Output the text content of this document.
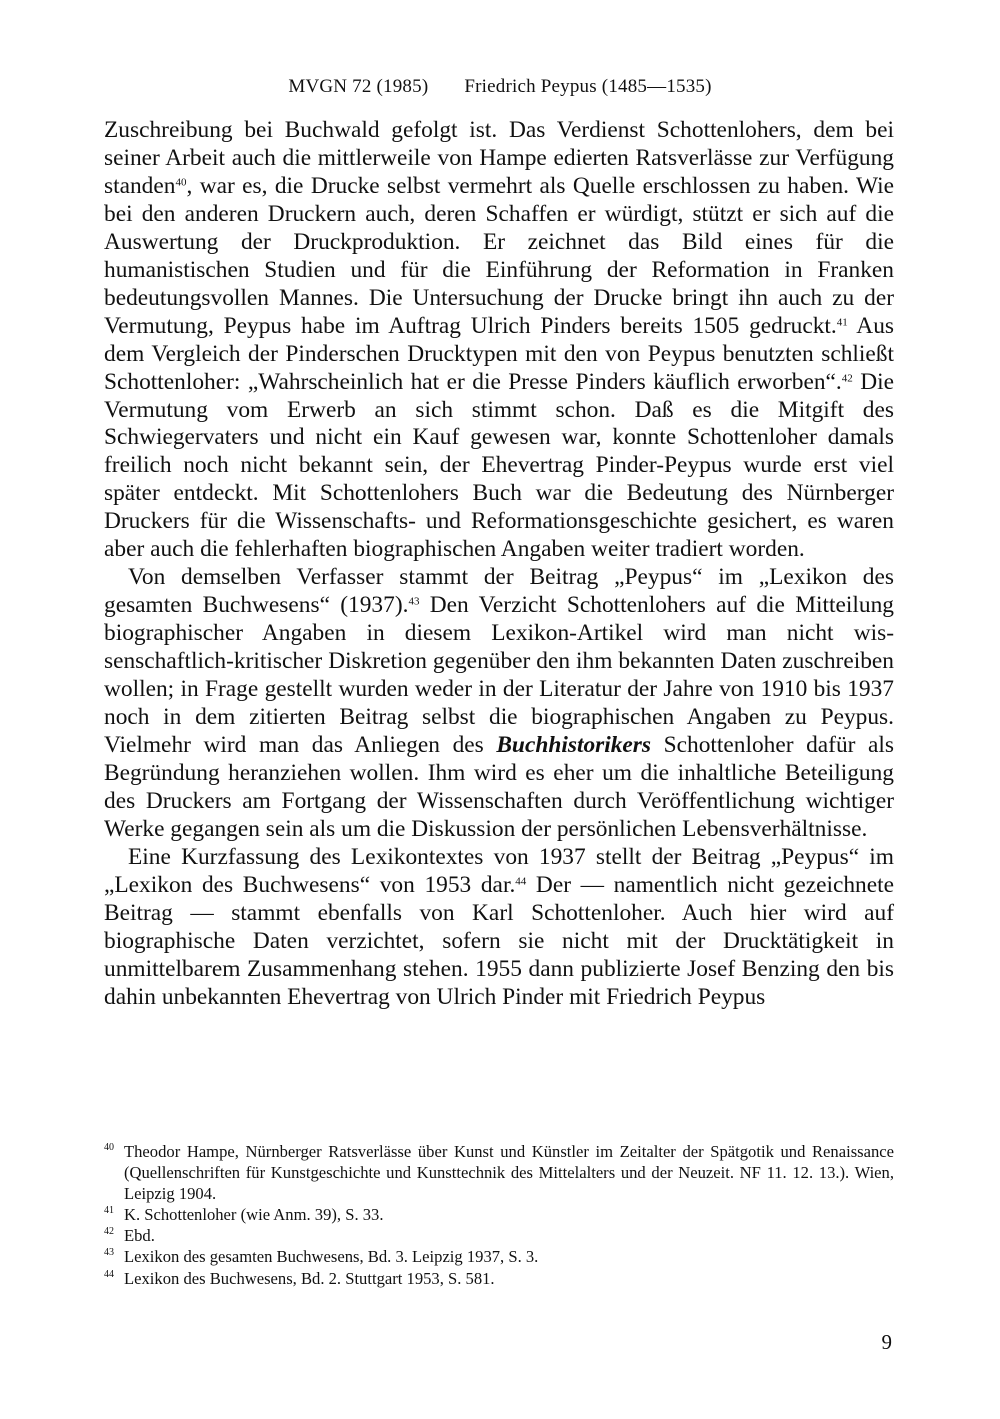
MVGN 72 (1985) Friedrich Peypus (1485—1535)

Zuschreibung bei Buchwald gefolgt ist. Das Verdienst Schottenlohers, dem bei seiner Arbeit auch die mittlerweile von Hampe edierten Ratsverlässe zur Verfügung standen$^{40}$, war es, die Drucke selbst vermehrt als Quelle erschlossen zu haben. Wie bei den anderen Druckern auch, deren Schaffen er würdigt, stützt er sich auf die Auswertung der Druckproduktion. Er zeichnet das Bild eines für die humanistischen Studien und für die Einführung der Reformation in Franken bedeutungsvollen Mannes. Die Untersuchung der Drucke bringt ihn auch zu der Vermutung, Peypus habe im Auftrag Ulrich Pinders bereits 1505 gedruckt.$^{41}$ Aus dem Vergleich der Pinderschen Drucktypen mit den von Peypus benutzten schließt Schottenloher: „Wahrscheinlich hat er die Presse Pinders käuflich erworben“.$^{42}$ Die Vermutung vom Erwerb an sich stimmt schon. Daß es die Mitgift des Schwiegervaters und nicht ein Kauf gewesen war, konnte Schottenloher damals freilich noch nicht bekannt sein, der Ehevertrag Pinder-Peypus wurde erst viel später entdeckt. Mit Schottenlohers Buch war die Bedeutung des Nürnberger Druckers für die Wissenschafts- und Reformationsgeschichte gesichert, es waren aber auch die fehlerhaften biographischen Angaben weiter tradiert worden.

Von demselben Verfasser stammt der Beitrag „Peypus“ im „Lexikon des gesamten Buchwesens“ (1937).$^{43}$ Den Verzicht Schottenlohers auf die Mitteilung biographischer Angaben in diesem Lexikon-Artikel wird man nicht wissenschaftlich-kritischer Diskretion gegenüber den ihm bekannten Daten zuschreiben wollen; in Frage gestellt wurden weder in der Literatur der Jahre von 1910 bis 1937 noch in dem zitierten Beitrag selbst die biographischen Angaben zu Peypus. Vielmehr wird man das Anliegen des Buchhistorikers Schottenloher dafür als Begründung heranziehen wollen. Ihm wird es eher um die inhaltliche Beteiligung des Druckers am Fortgang der Wissenschaften durch Veröffentlichung wichtiger Werke gegangen sein als um die Diskussion der persönlichen Lebensverhältnisse.

Eine Kurzfassung des Lexikontextes von 1937 stellt der Beitrag „Peypus“ im „Lexikon des Buchwesens“ von 1953 dar.$^{44}$ Der — namentlich nicht gezeichnete Beitrag — stammt ebenfalls von Karl Schottenloher. Auch hier wird auf biographische Daten verzichtet, sofern sie nicht mit der Drucktätigkeit in unmittelbarem Zusammenhang stehen. 1955 dann publizierte Josef Benzing den bis dahin unbekannten Ehevertrag von Ulrich Pinder mit Friedrich Peypus

40 Theodor Hampe, Nürnberger Ratsverlässe über Kunst und Künstler im Zeitalter der Spätgotik und Renaissance (Quellenschriften für Kunstgeschichte und Kunsttechnik des Mittelalters und der Neuzeit. NF 11. 12. 13.). Wien, Leipzig 1904.
41 K. Schottenloher (wie Anm. 39), S. 33.
42 Ebd.
43 Lexikon des gesamten Buchwesens, Bd. 3. Leipzig 1937, S. 3.
44 Lexikon des Buchwesens, Bd. 2. Stuttgart 1953, S. 581.
9
